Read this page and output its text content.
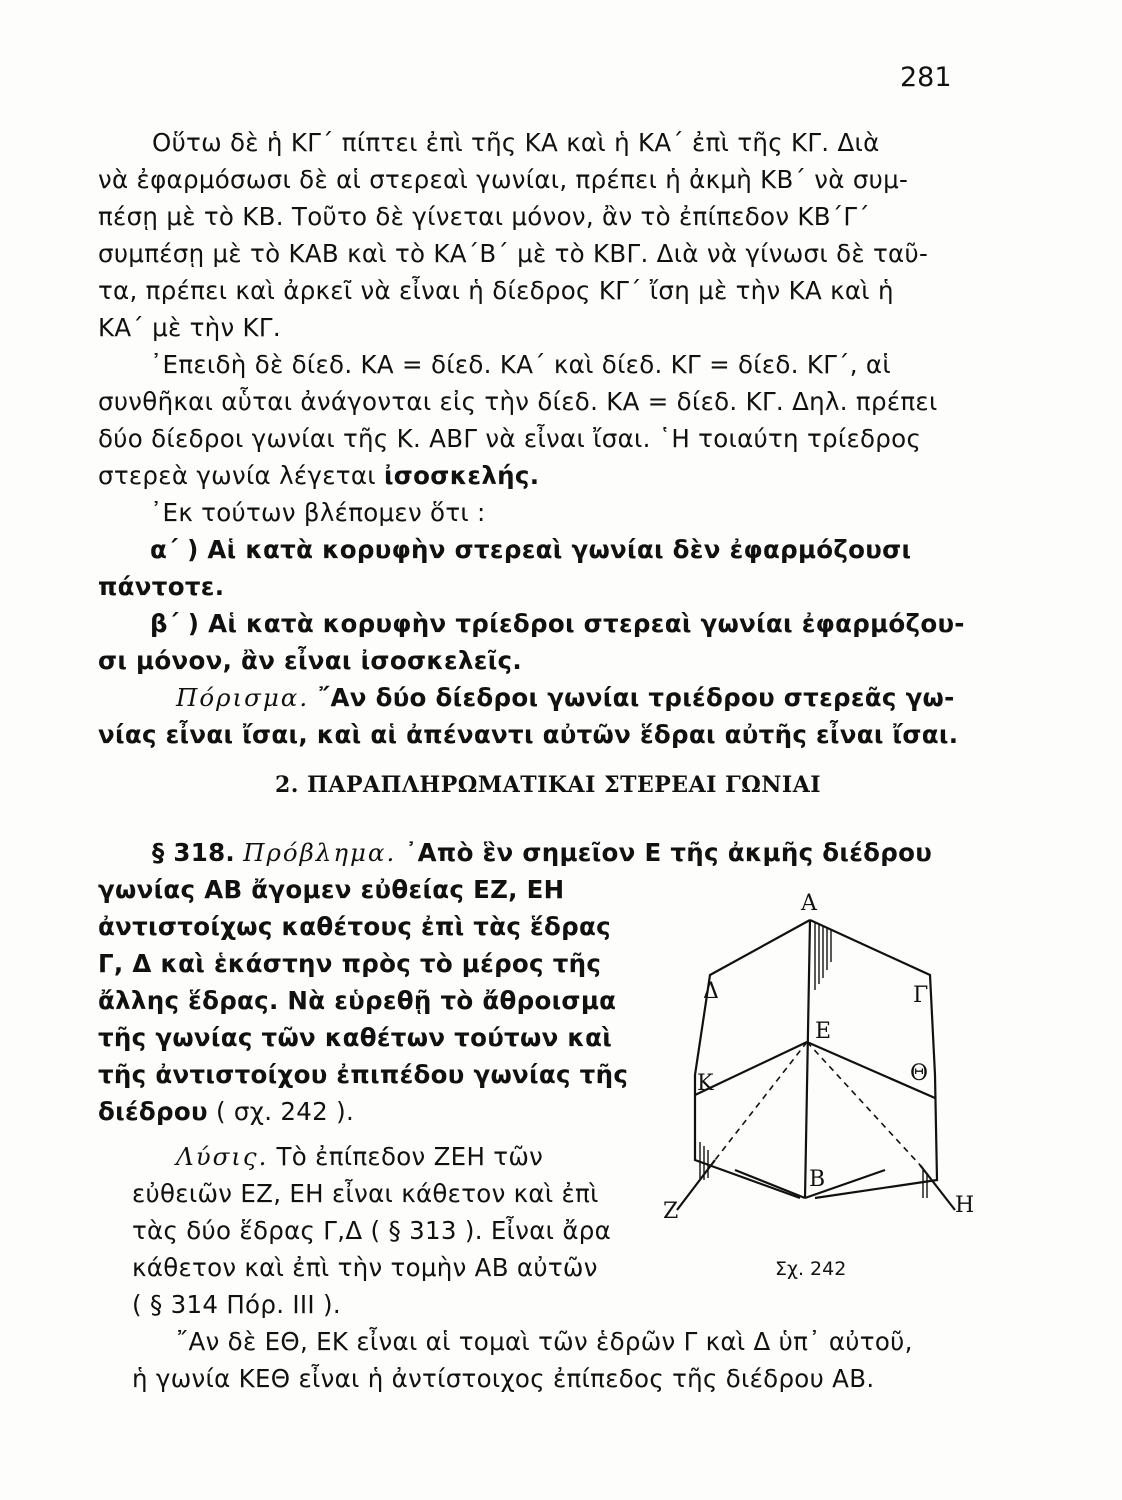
281
Οὕτω δὲ ἡ ΚΓ΄ πίπτει ἐπὶ τῆς ΚΑ καὶ ἡ ΚΑ΄ ἐπὶ τῆς ΚΓ. Διὰ
νὰ ἐφαρμόσωσι δὲ αἱ στερεαὶ γωνίαι, πρέπει ἡ ἀκμὴ ΚΒ΄ νὰ συμ-
πέσῃ μὲ τὸ ΚΒ. Τοῦτο δὲ γίνεται μόνον, ἂν τὸ ἐπίπεδον ΚΒ΄Γ΄
συμπέσῃ μὲ τὸ ΚΑΒ καὶ τὸ ΚΑ΄Β΄ μὲ τὸ ΚΒΓ. Διὰ νὰ γίνωσι δὲ ταῦ-
τα, πρέπει καὶ ἀρκεῖ νὰ εἶναι ἡ δίεδρος ΚΓ΄ ἴση μὲ τὴν ΚΑ καὶ ἡ
ΚΑ΄ μὲ τὴν ΚΓ.
᾿Επειδὴ δὲ δίεδ. ΚΑ = δίεδ. ΚΑ΄ καὶ δίεδ. ΚΓ = δίεδ. ΚΓ΄, αἱ
συνθῆκαι αὗται ἀνάγονται εἰς τὴν δίεδ. ΚΑ = δίεδ. ΚΓ. Δηλ. πρέπει
δύο δίεδροι γωνίαι τῆς Κ. ΑΒΓ νὰ εἶναι ἴσαι. ῾Η τοιαύτη τρίεδρος
στερεὰ γωνία λέγεται ἰσοσκελής.
᾿Εκ τούτων βλέπομεν ὅτι :
α΄ ) Αἱ κατὰ κορυφὴν στερεαὶ γωνίαι δὲν ἐφαρμόζουσι
πάντοτε.
β΄ ) Αἱ κατὰ κορυφὴν τρίεδροι στερεαὶ γωνίαι ἐφαρμόζου-
σι μόνον, ἂν εἶναι ἰσοσκελεῖς.
Πόρισμα. ῎Αν δύο δίεδροι γωνίαι τριέδρου στερεᾶς γω-
νίας εἶναι ἴσαι, καὶ αἱ ἀπέναντι αὐτῶν ἕδραι αὐτῆς εἶναι ἴσαι.
2. ΠΑΡΑΠΛΗΡΩΜΑΤΙΚΑΙ ΣΤΕΡΕΑΙ ΓΩΝΙΑΙ
§ 318. Πρόβλημα. ᾿Απὸ ἓν σημεῖον Ε τῆς ἀκμῆς διέδρου
γωνίας ΑΒ ἄγομεν εὐθείας ΕΖ, ΕΗ
ἀντιστοίχως καθέτους ἐπὶ τὰς ἕδρας
Γ, Δ καὶ ἑκάστην πρὸς τὸ μέρος τῆς
ἄλλης ἕδρας. Νὰ εὑρεθῇ τὸ ἄθροισμα
τῆς γωνίας τῶν καθέτων τούτων καὶ
τῆς ἀντιστοίχου ἐπιπέδου γωνίας τῆς
διέδρου ( σχ. 242 ).
Λύσις. Τὸ ἐπίπεδον ΖΕΗ τῶν
εὐθειῶν ΕΖ, ΕΗ εἶναι κάθετον καὶ ἐπὶ
τὰς δύο ἕδρας Γ,Δ ( § 313 ). Εἶναι ἄρα
κάθετον καὶ ἐπὶ τὴν τομὴν ΑΒ αὐτῶν
( § 314 Πόρ. ΙΙΙ ).
῎Αν δὲ ΕΘ, ΕΚ εἶναι αἱ τομαὶ τῶν ἑδρῶν Γ καὶ Δ ὑπ᾿ αὐτοῦ,
ἡ γωνία ΚΕΘ εἶναι ἡ ἀντίστοιχος ἐπίπεδος τῆς διέδρου ΑΒ.
Α
Δ	Γ
Ε
Κ	Θ
Β
Ζ	Η
Σχ. 242
